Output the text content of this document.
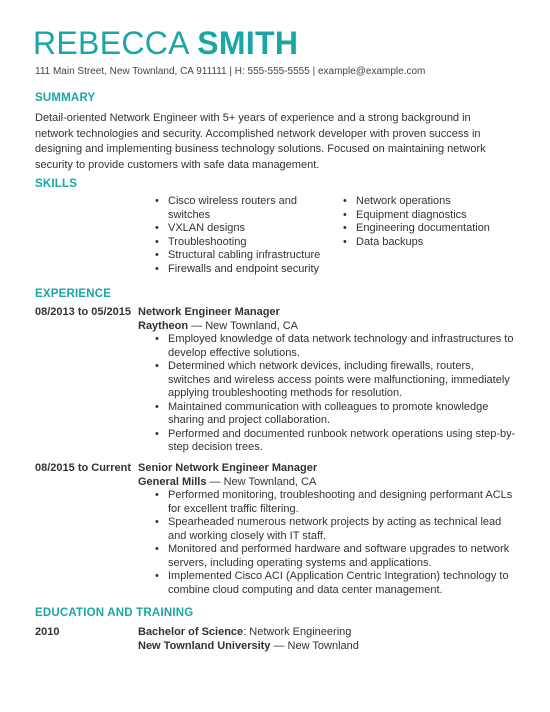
REBECCA SMITH
111 Main Street, New Townland, CA 911111 | H: 555-555-5555 | example@example.com
SUMMARY

Detail-oriented Network Engineer with 5+ years of experience and a strong background in network technologies and security. Accomplished network developer with proven success in designing and implementing business technology solutions. Focused on maintaining network security to provide customers with safe data management.

SKILLS
• Cisco wireless routers and switches
• VXLAN designs
• Troubleshooting
• Structural cabling infrastructure
• Firewalls and endpoint security
• Network operations
• Equipment diagnostics
• Engineering documentation
• Data backups
EXPERIENCE
08/2013 to 05/2015 Network Engineer Manager
Raytheon — New Townland, CA
• Employed knowledge of data network technology and infrastructures to develop effective solutions.
• Determined which network devices, including firewalls, routers, switches and wireless access points were malfunctioning, immediately applying troubleshooting methods for resolution.
• Maintained communication with colleagues to promote knowledge sharing and project collaboration.
• Performed and documented runbook network operations using step-by-step decision trees.
08/2015 to Current Senior Network Engineer Manager
General Mills — New Townland, CA
• Performed monitoring, troubleshooting and designing performant ACLs for excellent traffic filtering.
• Spearheaded numerous network projects by acting as technical lead and working closely with IT staff.
• Monitored and performed hardware and software upgrades to network servers, including operating systems and applications.
• Implemented Cisco ACI (Application Centric Integration) technology to combine cloud computing and data center management.
EDUCATION AND TRAINING
2010	Bachelor of Science: Network Engineering
New Townland University — New Townland
